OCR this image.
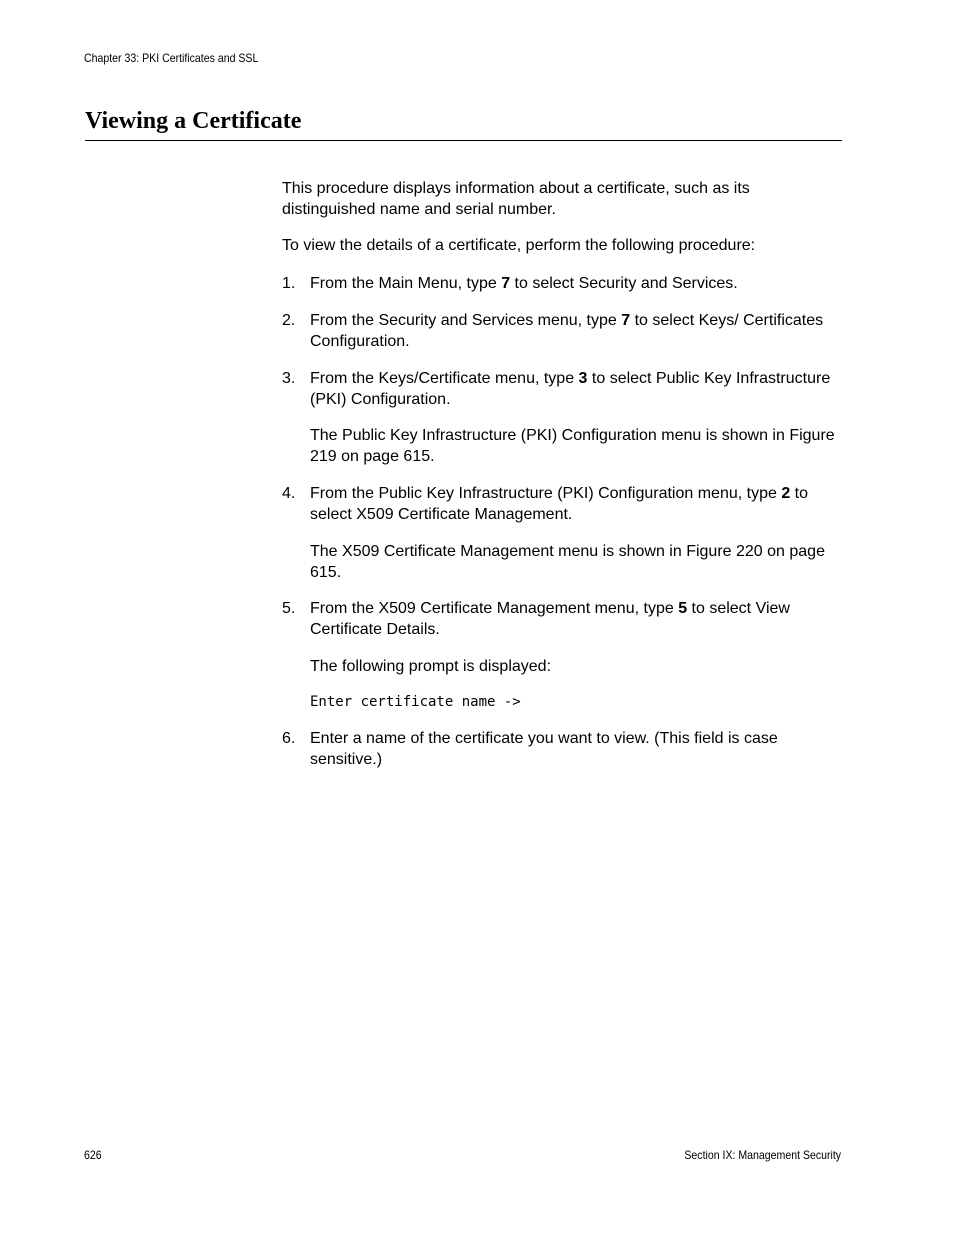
Chapter 33: PKI Certificates and SSL
Viewing a Certificate

This procedure displays information about a certificate, such as its distinguished name and serial number.

To view the details of a certificate, perform the following procedure:

1. From the Main Menu, type 7 to select Security and Services.
2. From the Security and Services menu, type 7 to select Keys/ Certificates Configuration.
3. From the Keys/Certificate menu, type 3 to select Public Key Infrastructure (PKI) Configuration.

The Public Key Infrastructure (PKI) Configuration menu is shown in Figure 219 on page 615.

4. From the Public Key Infrastructure (PKI) Configuration menu, type 2 to select X509 Certificate Management.

The X509 Certificate Management menu is shown in Figure 220 on page 615.

5. From the X509 Certificate Management menu, type 5 to select View Certificate Details.

The following prompt is displayed:

Enter certificate name ->
6. Enter a name of the certificate you want to view. (This field is case sensitive.)
626	Section IX: Management Security
